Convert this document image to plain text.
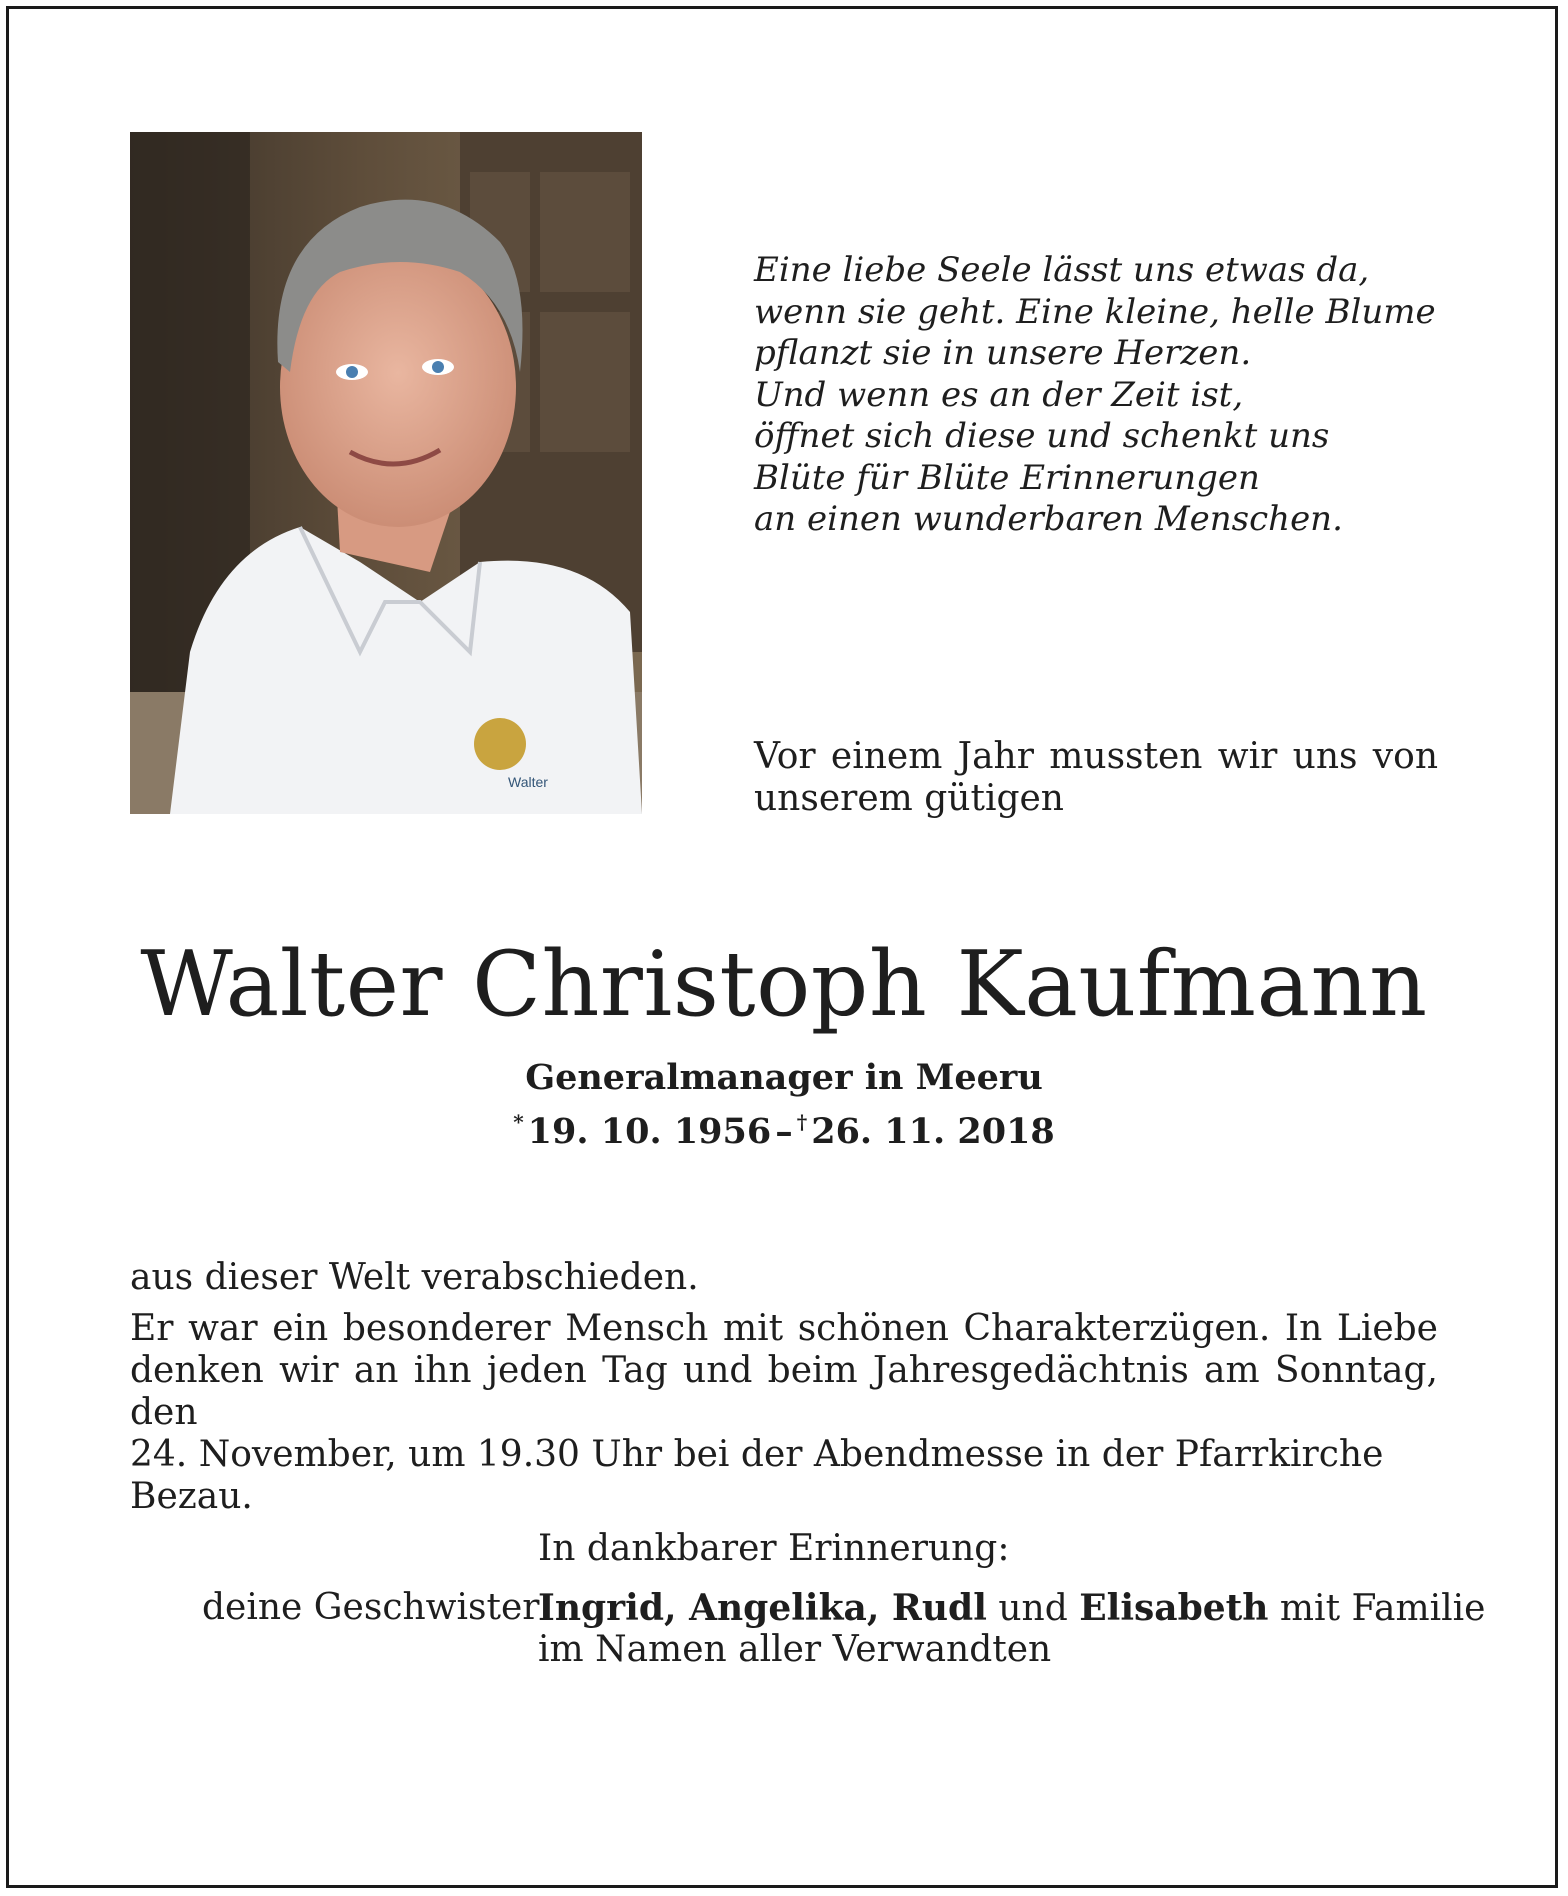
Walter
Eine liebe Seele lässt uns etwas da,
wenn sie geht. Eine kleine, helle Blume
pflanzt sie in unsere Herzen.
Und wenn es an der Zeit ist,
öffnet sich diese und schenkt uns
Blüte für Blüte Erinnerungen
an einen wunderbaren Menschen.
Vor einem Jahr mussten wir uns von
unserem gütigen
Walter Christoph Kaufmann
Generalmanager in Meeru
* 19. 10. 1956 – † 26. 11. 2018
aus dieser Welt verabschieden.
Er war ein besonderer Mensch mit schönen Charakterzügen. In Liebe
denken wir an ihn jeden Tag und beim Jahresgedächtnis am Sonntag, den
24. November, um 19.30 Uhr bei der Abendmesse in der Pfarrkirche Bezau.
In dankbarer Erinnerung:
deine Geschwister
Ingrid, Angelika, Rudl und Elisabeth mit Familie
im Namen aller Verwandten
